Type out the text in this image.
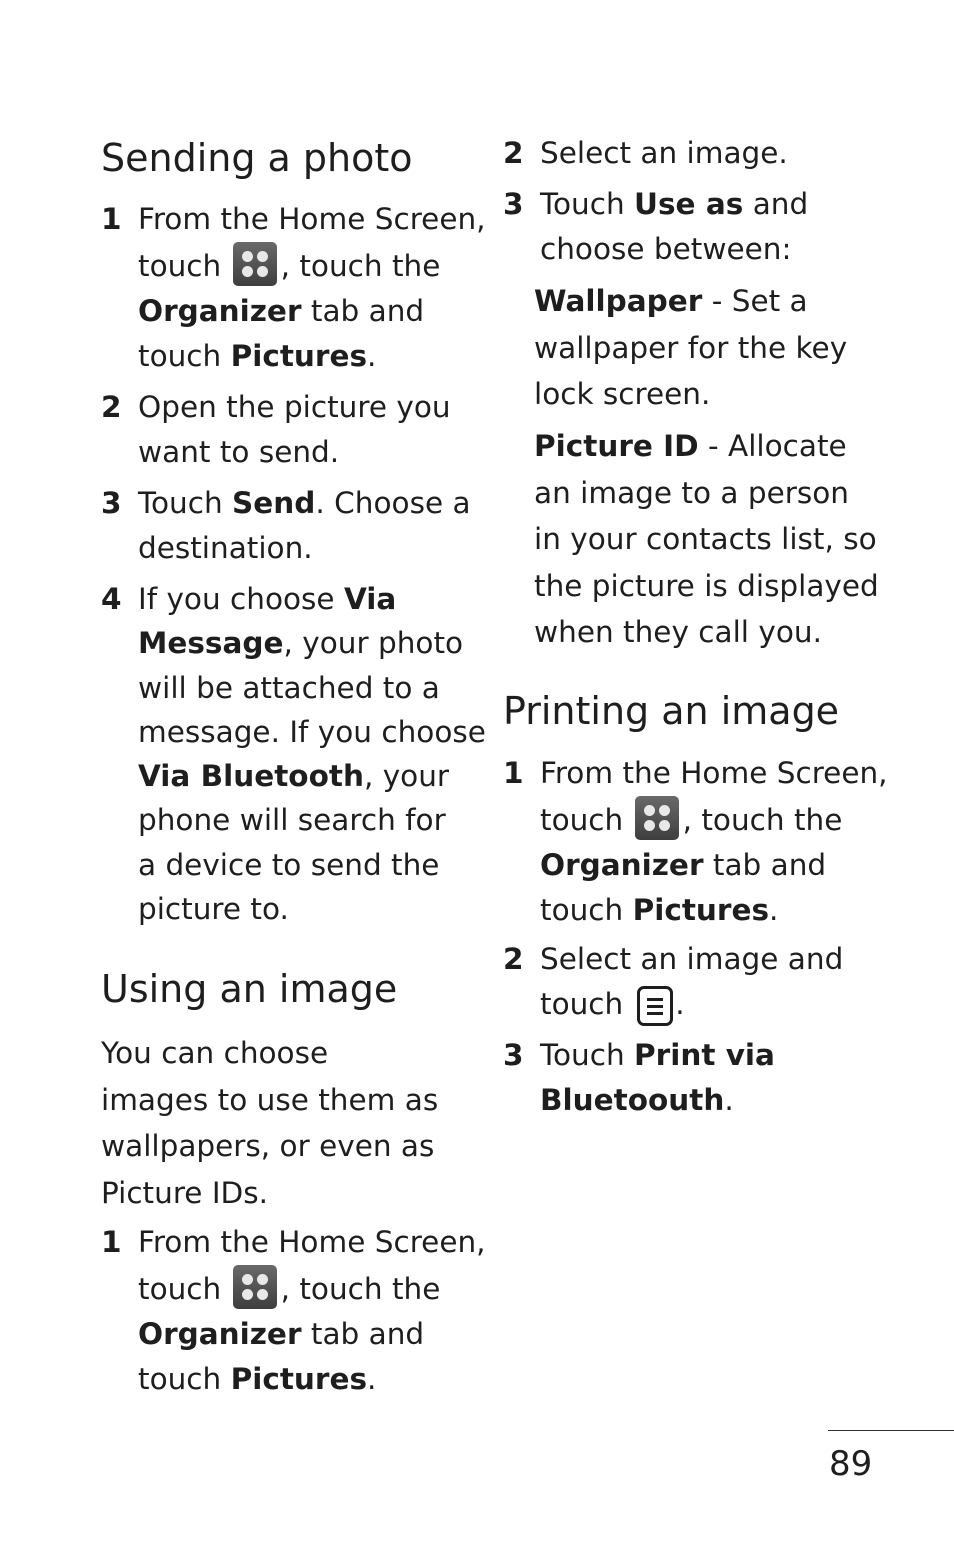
Sending a photo
1 From the Home Screen,
touch
, touch the
Organizer tab and
touch Pictures.
2 Open the picture you
want to send.
3 Touch Send. Choose a
destination.
4 If you choose Via
Message, your photo
will be attached to a
message. If you choose
Via Bluetooth, your
phone will search for
a device to send the
picture to.
Using an image
You can choose
images to use them as
wallpapers, or even as
Picture IDs.
1 From the Home Screen,
touch
, touch the
Organizer tab and
touch Pictures.
2 Select an image.
3 Touch Use as and
choose between:
Wallpaper - Set a
wallpaper for the key
lock screen.
Picture ID - Allocate
an image to a person
in your contacts list, so
the picture is displayed
when they call you.
Printing an image
1 From the Home Screen,
touch
, touch the
Organizer tab and
touch Pictures.
2 Select an image and
touch .
3 Touch Print via
Bluetoouth.
89
